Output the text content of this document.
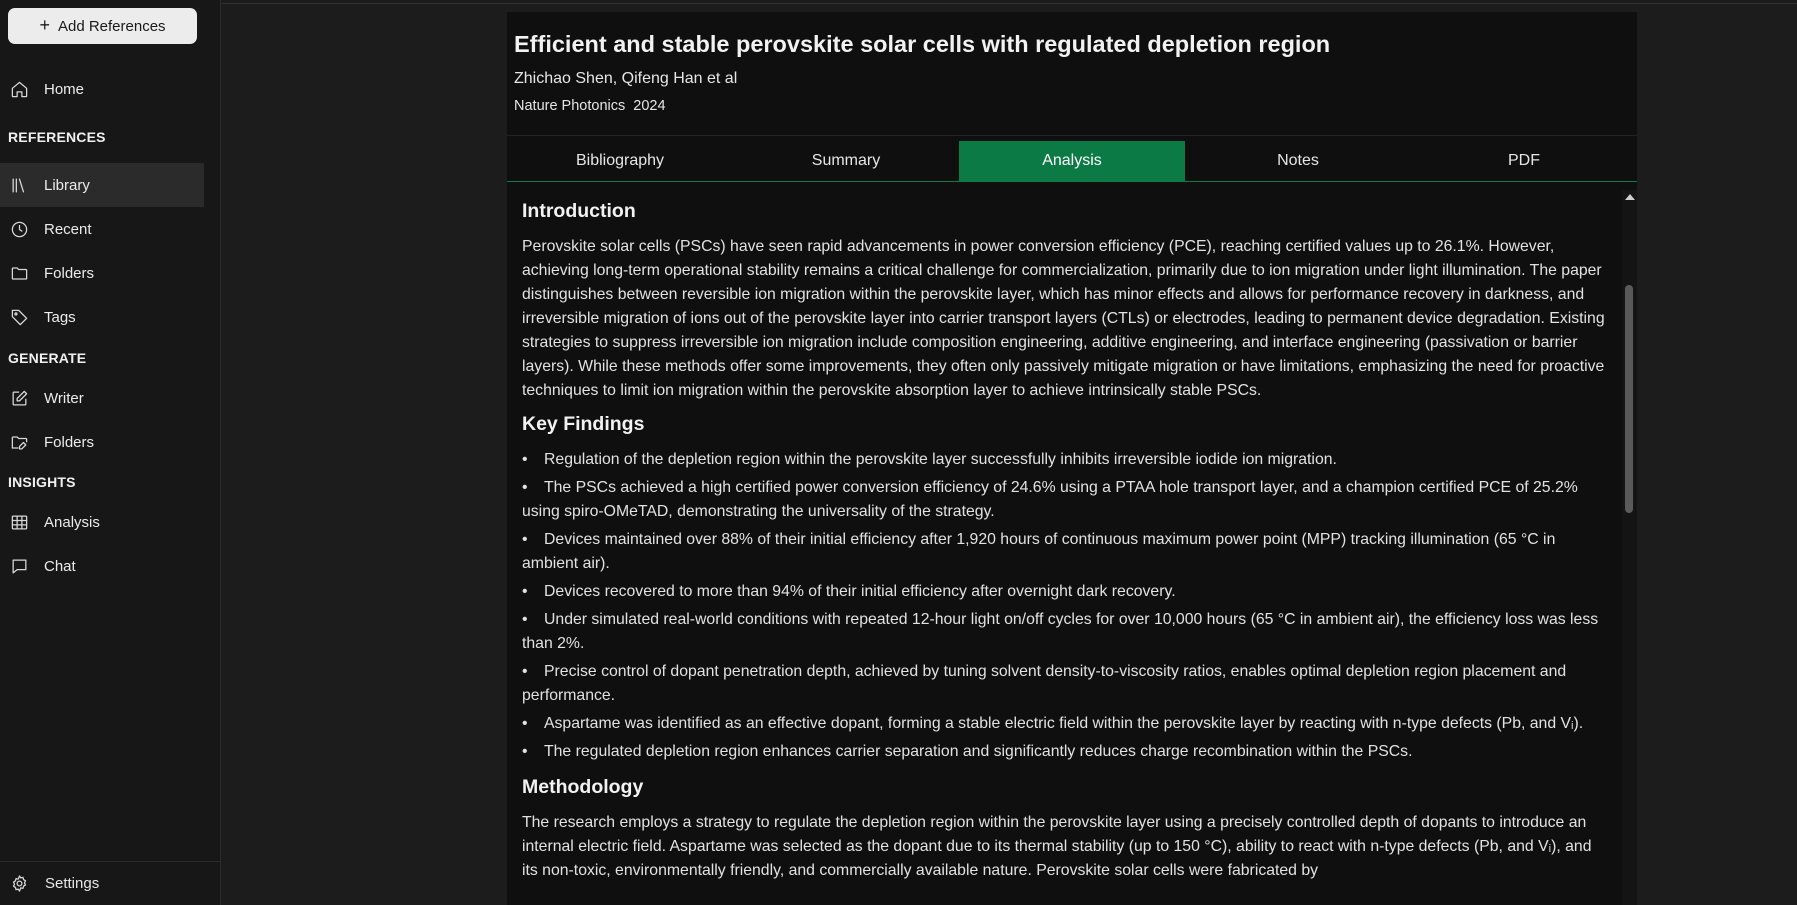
+ Add References
Home
REFERENCES
Library
Recent
Folders
Tags
GENERATE
Writer
Folders
INSIGHTS
Analysis
Chat
Settings
Efficient and stable perovskite solar cells with regulated depletion region
Zhichao Shen, Qifeng Han et al
Nature Photonics  2024
Bibliography	Summary	Analysis	Notes	PDF
Introduction

Perovskite solar cells (PSCs) have seen rapid advancements in power conversion efficiency (PCE), reaching certified values up to 26.1%. However, achieving long-term operational stability remains a critical challenge for commercialization, primarily due to ion migration under light illumination. The paper distinguishes between reversible ion migration within the perovskite layer, which has minor effects and allows for performance recovery in darkness, and irreversible migration of ions out of the perovskite layer into carrier transport layers (CTLs) or electrodes, leading to permanent device degradation. Existing strategies to suppress irreversible ion migration include composition engineering, additive engineering, and interface engineering (passivation or barrier layers). While these methods offer some improvements, they often only passively mitigate migration or have limitations, emphasizing the need for proactive techniques to limit ion migration within the perovskite absorption layer to achieve intrinsically stable PSCs.

Key Findings
• Regulation of the depletion region within the perovskite layer successfully inhibits irreversible iodide ion migration.
• The PSCs achieved a high certified power conversion efficiency of 24.6% using a PTAA hole transport layer, and a champion certified PCE of 25.2% using spiro-OMeTAD, demonstrating the universality of the strategy.
• Devices maintained over 88% of their initial efficiency after 1,920 hours of continuous maximum power point (MPP) tracking illumination (65 °C in ambient air).
• Devices recovered to more than 94% of their initial efficiency after overnight dark recovery.
• Under simulated real-world conditions with repeated 12-hour light on/off cycles for over 10,000 hours (65 °C in ambient air), the efficiency loss was less than 2%.
• Precise control of dopant penetration depth, achieved by tuning solvent density-to-viscosity ratios, enables optimal depletion region placement and performance.
• Aspartame was identified as an effective dopant, forming a stable electric field within the perovskite layer by reacting with n-type defects (Pb, and Vᵢ).
• The regulated depletion region enhances carrier separation and significantly reduces charge recombination within the PSCs.
Methodology

The research employs a strategy to regulate the depletion region within the perovskite layer using a precisely controlled depth of dopants to introduce an internal electric field. Aspartame was selected as the dopant due to its thermal stability (up to 150 °C), ability to react with n-type defects (Pb, and Vᵢ), and its non-toxic, environmentally friendly, and commercially available nature. Perovskite solar cells were fabricated by
